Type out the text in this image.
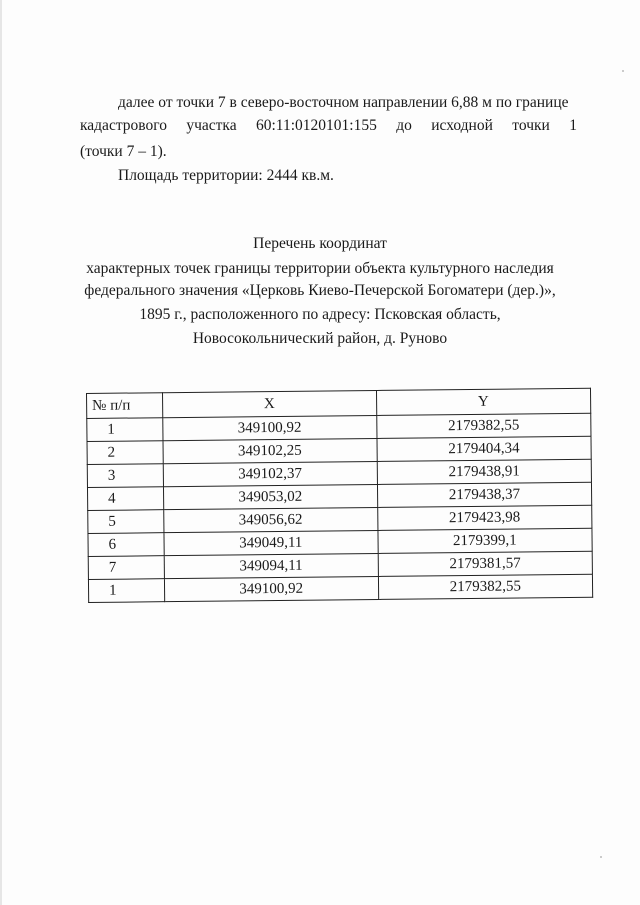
далее от точки 7 в северо-восточном направлении 6,88 м по границе
кадастрового участка 60:11:0120101:155 до исходной точки 1
(точки 7 – 1).
Площадь территории: 2444 кв.м.
Перечень координат
характерных точек границы территории объекта культурного наследия
федерального значения «Церковь Киево-Печерской Богоматери (дер.)»,
1895 г., расположенного по адресу: Псковская область,
Новосокольнический район, д. Руново
№ п/п	X	Y
1	349100,92	2179382,55
2	349102,25	2179404,34
3	349102,37	2179438,91
4	349053,02	2179438,37
5	349056,62	2179423,98
6	349049,11	2179399,1
7	349094,11	2179381,57
1	349100,92	2179382,55
